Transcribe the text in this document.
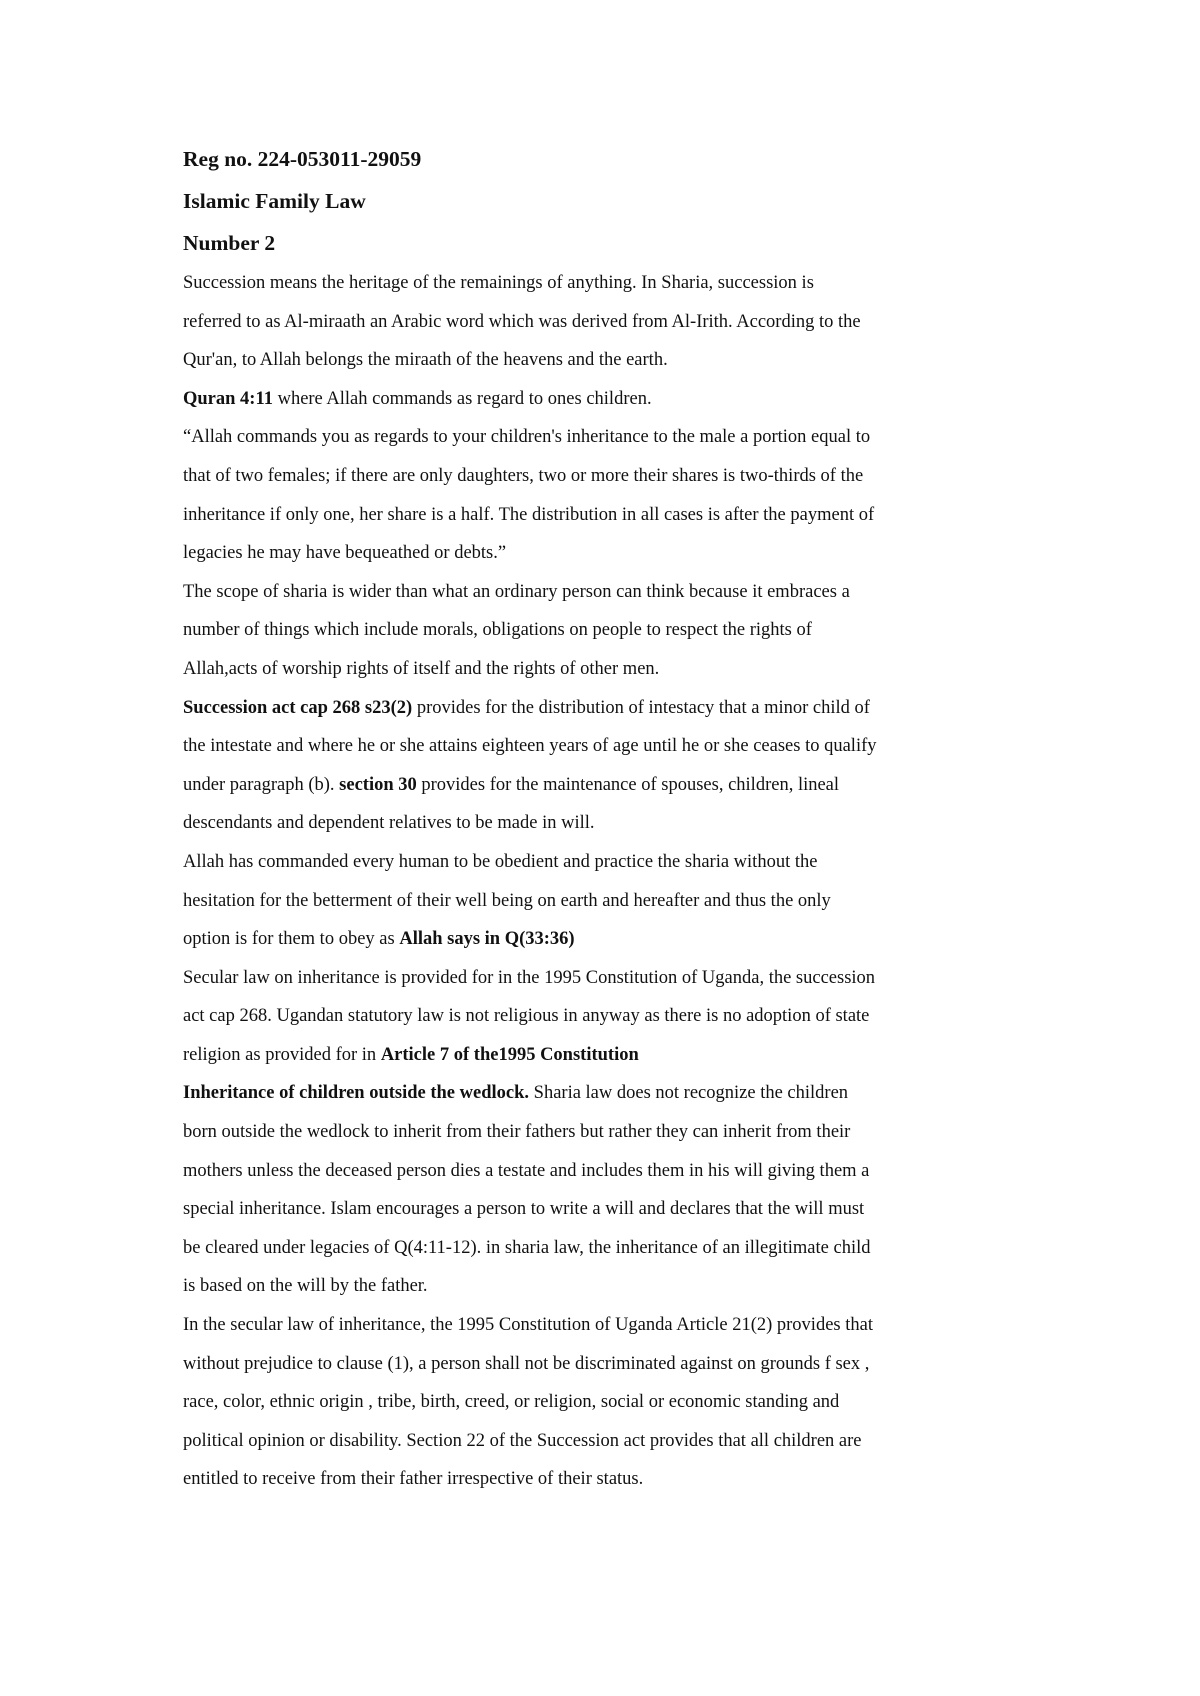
Reg no. 224-053011-29059

Islamic Family Law

Number 2

Succession means the heritage of the remainings of anything. In Sharia, succession is
referred to as Al-miraath an Arabic word which was derived from Al-Irith. According to the
Qur'an, to Allah belongs the miraath of the heavens and the earth.

Quran 4:11 where Allah commands as regard to ones children.

“Allah commands you as regards to your children's inheritance to the male a portion equal to
that of two females; if there are only daughters, two or more their shares is two-thirds of the
inheritance if only one, her share is a half. The distribution in all cases is after the payment of
legacies he may have bequeathed or debts.”

The scope of sharia is wider than what an ordinary person can think because it embraces a
number of things which include morals, obligations on people to respect the rights of
Allah,acts of worship rights of itself and the rights of other men.

Succession act cap 268 s23(2) provides for the distribution of intestacy that a minor child of
the intestate and where he or she attains eighteen years of age until he or she ceases to qualify
under paragraph (b). section 30 provides for the maintenance of spouses, children, lineal
descendants and dependent relatives to be made in will.

Allah has commanded every human to be obedient and practice the sharia without the
hesitation for the betterment of their well being on earth and hereafter and thus the only
option is for them to obey as Allah says in Q(33:36)

Secular law on inheritance is provided for in the 1995 Constitution of Uganda, the succession
act cap 268. Ugandan statutory law is not religious in anyway as there is no adoption of state
religion as provided for in Article 7 of the1995 Constitution

Inheritance of children outside the wedlock. Sharia law does not recognize the children
born outside the wedlock to inherit from their fathers but rather they can inherit from their
mothers unless the deceased person dies a testate and includes them in his will giving them a
special inheritance. Islam encourages a person to write a will and declares that the will must
be cleared under legacies of Q(4:11-12). in sharia law, the inheritance of an illegitimate child
is based on the will by the father.

In the secular law of inheritance, the 1995 Constitution of Uganda Article 21(2) provides that
without prejudice to clause (1), a person shall not be discriminated against on grounds f sex ,
race, color, ethnic origin , tribe, birth, creed, or religion, social or economic standing and
political opinion or disability. Section 22 of the Succession act provides that all children are
entitled to receive from their father irrespective of their status.
